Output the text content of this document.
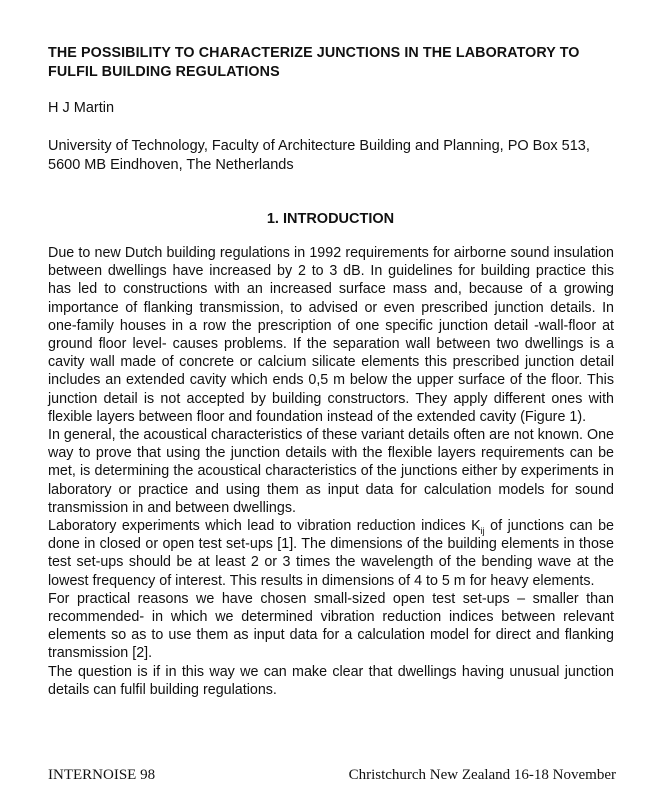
THE POSSIBILITY TO CHARACTERIZE JUNCTIONS IN THE LABORATORY TO FULFIL BUILDING REGULATIONS
H J Martin
University of Technology, Faculty of Architecture Building and Planning, PO Box 513, 5600 MB Eindhoven, The Netherlands
1. INTRODUCTION

Due to new Dutch building regulations in 1992 requirements for airborne sound insulation between dwellings have increased by 2 to 3 dB. In guidelines for building practice this has led to constructions with an increased surface mass and, because of a growing importance of flanking transmission, to advised or even prescribed junction details. In one-family houses in a row the prescription of one specific junction detail -wall-floor at ground floor level- causes problems. If the separation wall between two dwellings is a cavity wall made of concrete or calcium silicate elements this prescribed junction detail includes an extended cavity which ends 0,5 m below the upper surface of the floor. This junction detail is not accepted by building constructors. They apply different ones with flexible layers between floor and foundation instead of the extended cavity (Figure 1).

In general, the acoustical characteristics of these variant details often are not known. One way to prove that using the junction details with the flexible layers requirements can be met, is determining the acoustical characteristics of the junctions either by experiments in laboratory or practice and using them as input data for calculation models for sound transmission in and between dwellings.

Laboratory experiments which lead to vibration reduction indices $K_{ij}$ of junctions can be done in closed or open test set-ups [1]. The dimensions of the building elements in those test set-ups should be at least 2 or 3 times the wavelength of the bending wave at the lowest frequency of interest. This results in dimensions of 4 to 5 m for heavy elements.

For practical reasons we have chosen small-sized open test set-ups – smaller than recommended- in which we determined vibration reduction indices between relevant elements so as to use them as input data for a calculation model for direct and flanking transmission [2].

The question is if in this way we can make clear that dwellings having unusual junction details can fulfil building regulations.

INTERNOISE 98	Christchurch New Zealand 16-18 November
